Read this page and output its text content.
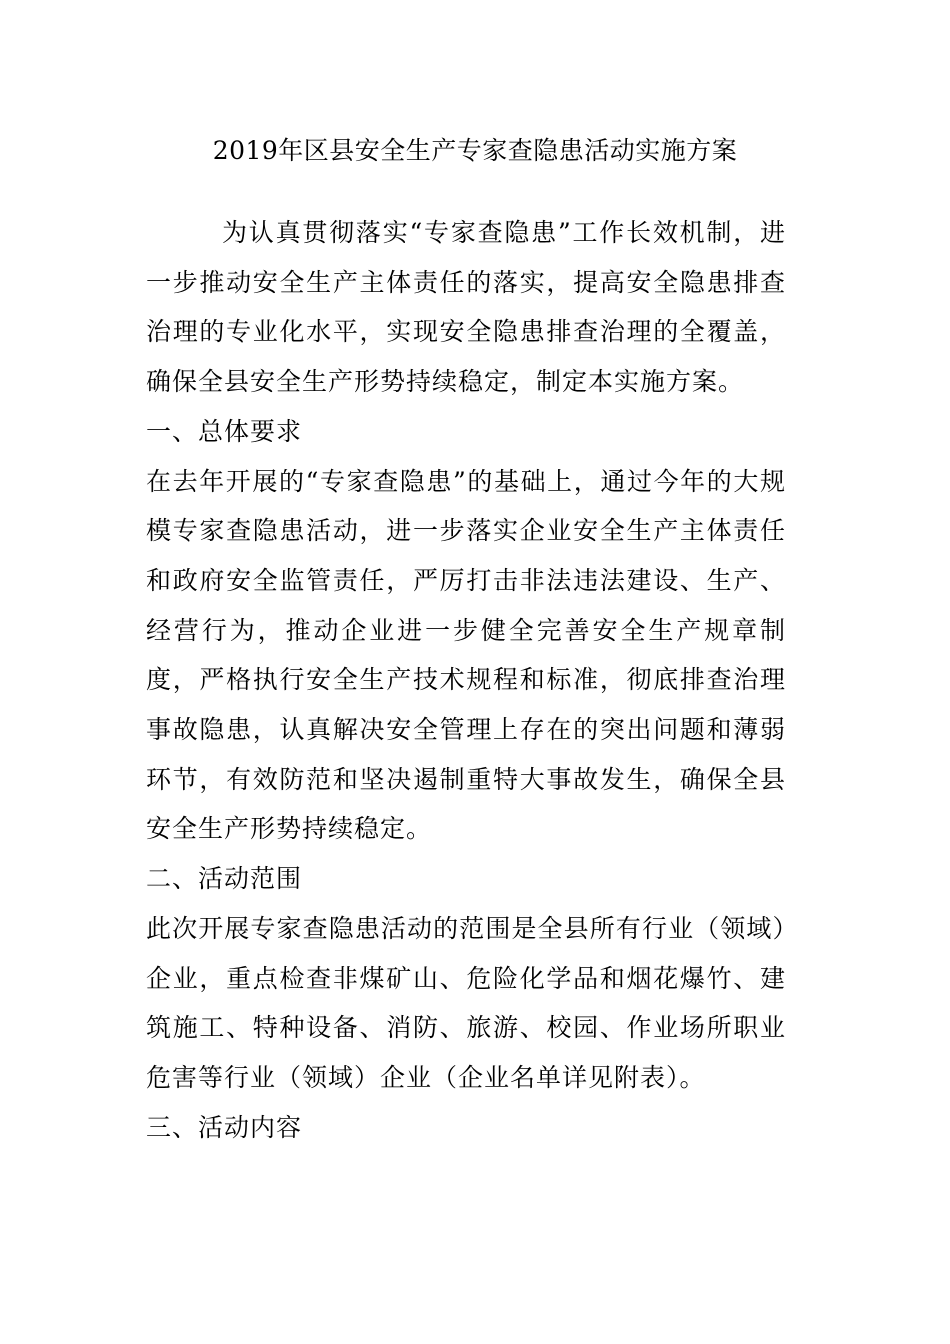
2019年区县安全生产专家查隐患活动实施方案

为认真贯彻落实“专家查隐患”工作长效机制，进一步推动安全生产主体责任的落实，提高安全隐患排查治理的专业化水平，实现安全隐患排查治理的全覆盖，确保全县安全生产形势持续稳定，制定本实施方案。

一、总体要求

在去年开展的“专家查隐患”的基础上，通过今年的大规模专家查隐患活动，进一步落实企业安全生产主体责任和政府安全监管责任，严厉打击非法违法建设、生产、经营行为，推动企业进一步健全完善安全生产规章制度，严格执行安全生产技术规程和标准，彻底排查治理事故隐患，认真解决安全管理上存在的突出问题和薄弱环节，有效防范和坚决遏制重特大事故发生，确保全县安全生产形势持续稳定。

二、活动范围

此次开展专家查隐患活动的范围是全县所有行业（领域）企业，重点检查非煤矿山、危险化学品和烟花爆竹、建筑施工、特种设备、消防、旅游、校园、作业场所职业危害等行业（领域）企业（企业名单详见附表）。

三、活动内容
